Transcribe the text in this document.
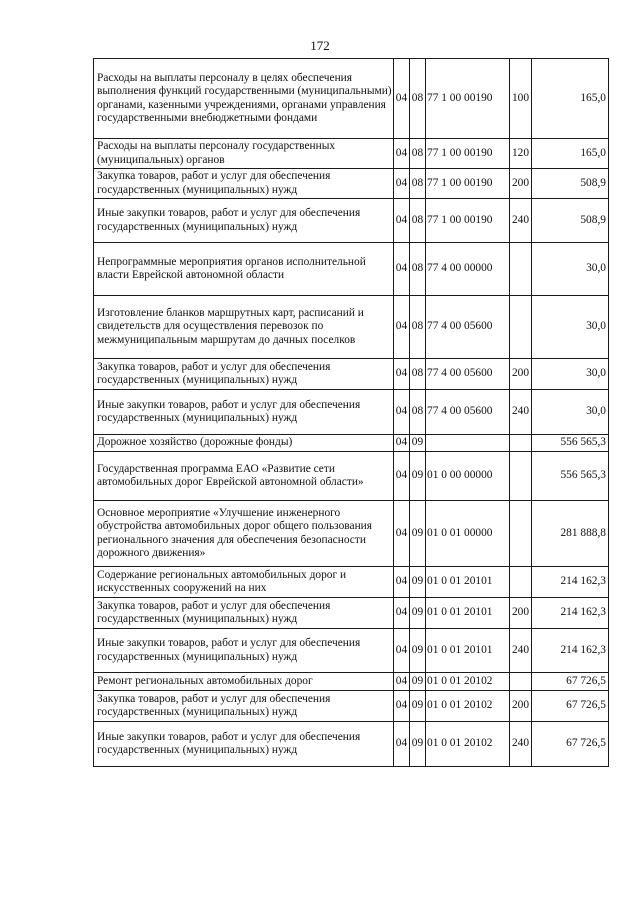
172
Расходы на выплаты персоналу в целях обеспечения выполнения функций государственными (муниципальными) органами, казенными учреждениями, органами управления государственными внебюджетными фондами	04	08	77 1 00 00190	100	165,0
Расходы на выплаты персоналу государственных (муниципальных) органов	04	08	77 1 00 00190	120	165,0
Закупка товаров, работ и услуг для обеспечения государственных (муниципальных) нужд	04	08	77 1 00 00190	200	508,9
Иные закупки товаров, работ и услуг для обеспечения государственных (муниципальных) нужд	04	08	77 1 00 00190	240	508,9
Непрограммные мероприятия органов исполнительной власти Еврейской автономной области	04	08	77 4 00 00000		30,0
Изготовление бланков маршрутных карт, расписаний и свидетельств для осуществления перевозок по межмуниципальным маршрутам до дачных поселков	04	08	77 4 00 05600		30,0
Закупка товаров, работ и услуг для обеспечения государственных (муниципальных) нужд	04	08	77 4 00 05600	200	30,0
Иные закупки товаров, работ и услуг для обеспечения государственных (муниципальных) нужд	04	08	77 4 00 05600	240	30,0
Дорожное хозяйство (дорожные фонды)	04	09			556 565,3
Государственная программа ЕАО «Развитие сети автомобильных дорог Еврейской автономной области»	04	09	01 0 00 00000		556 565,3
Основное мероприятие «Улучшение инженерного обустройства автомобильных дорог общего пользования регионального значения для обеспечения безопасности дорожного движения»	04	09	01 0 01 00000		281 888,8
Содержание региональных автомобильных дорог и искусственных сооружений на них	04	09	01 0 01 20101		214 162,3
Закупка товаров, работ и услуг для обеспечения государственных (муниципальных) нужд	04	09	01 0 01 20101	200	214 162,3
Иные закупки товаров, работ и услуг для обеспечения государственных (муниципальных) нужд	04	09	01 0 01 20101	240	214 162,3
Ремонт региональных автомобильных дорог	04	09	01 0 01 20102		67 726,5
Закупка товаров, работ и услуг для обеспечения государственных (муниципальных) нужд	04	09	01 0 01 20102	200	67 726,5
Иные закупки товаров, работ и услуг для обеспечения государственных (муниципальных) нужд	04	09	01 0 01 20102	240	67 726,5
